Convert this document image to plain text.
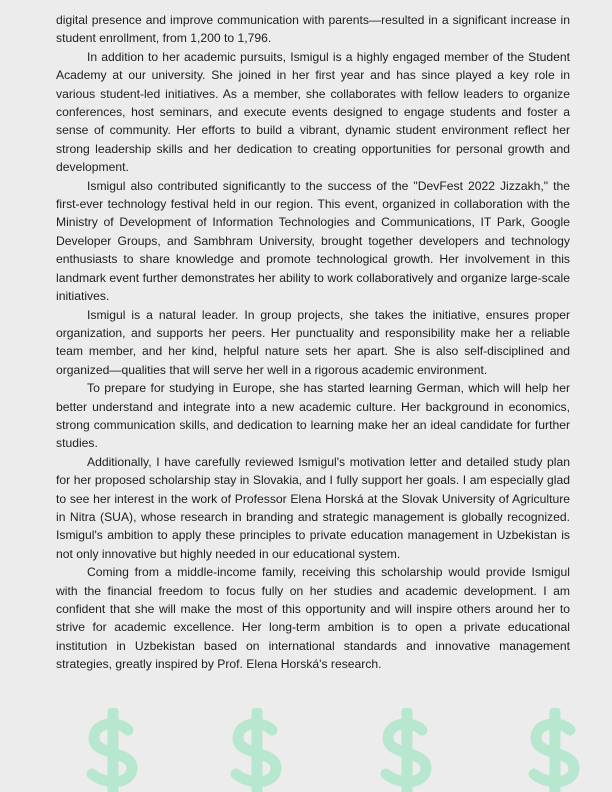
digital presence and improve communication with parents—resulted in a significant increase in student enrollment, from 1,200 to 1,796.

In addition to her academic pursuits, Ismigul is a highly engaged member of the Student Academy at our university. She joined in her first year and has since played a key role in various student-led initiatives. As a member, she collaborates with fellow leaders to organize conferences, host seminars, and execute events designed to engage students and foster a sense of community. Her efforts to build a vibrant, dynamic student environment reflect her strong leadership skills and her dedication to creating opportunities for personal growth and development.

Ismigul also contributed significantly to the success of the "DevFest 2022 Jizzakh," the first-ever technology festival held in our region. This event, organized in collaboration with the Ministry of Development of Information Technologies and Communications, IT Park, Google Developer Groups, and Sambhram University, brought together developers and technology enthusiasts to share knowledge and promote technological growth. Her involvement in this landmark event further demonstrates her ability to work collaboratively and organize large-scale initiatives.

Ismigul is a natural leader. In group projects, she takes the initiative, ensures proper organization, and supports her peers. Her punctuality and responsibility make her a reliable team member, and her kind, helpful nature sets her apart. She is also self-disciplined and organized—qualities that will serve her well in a rigorous academic environment.

To prepare for studying in Europe, she has started learning German, which will help her better understand and integrate into a new academic culture. Her background in economics, strong communication skills, and dedication to learning make her an ideal candidate for further studies.

Additionally, I have carefully reviewed Ismigul's motivation letter and detailed study plan for her proposed scholarship stay in Slovakia, and I fully support her goals. I am especially glad to see her interest in the work of Professor Elena Horská at the Slovak University of Agriculture in Nitra (SUA), whose research in branding and strategic management is globally recognized. Ismigul's ambition to apply these principles to private education management in Uzbekistan is not only innovative but highly needed in our educational system.

Coming from a middle-income family, receiving this scholarship would provide Ismigul with the financial freedom to focus fully on her studies and academic development. I am confident that she will make the most of this opportunity and will inspire others around her to strive for academic excellence. Her long-term ambition is to open a private educational institution in Uzbekistan based on international standards and innovative management strategies, greatly inspired by Prof. Elena Horská's research.
